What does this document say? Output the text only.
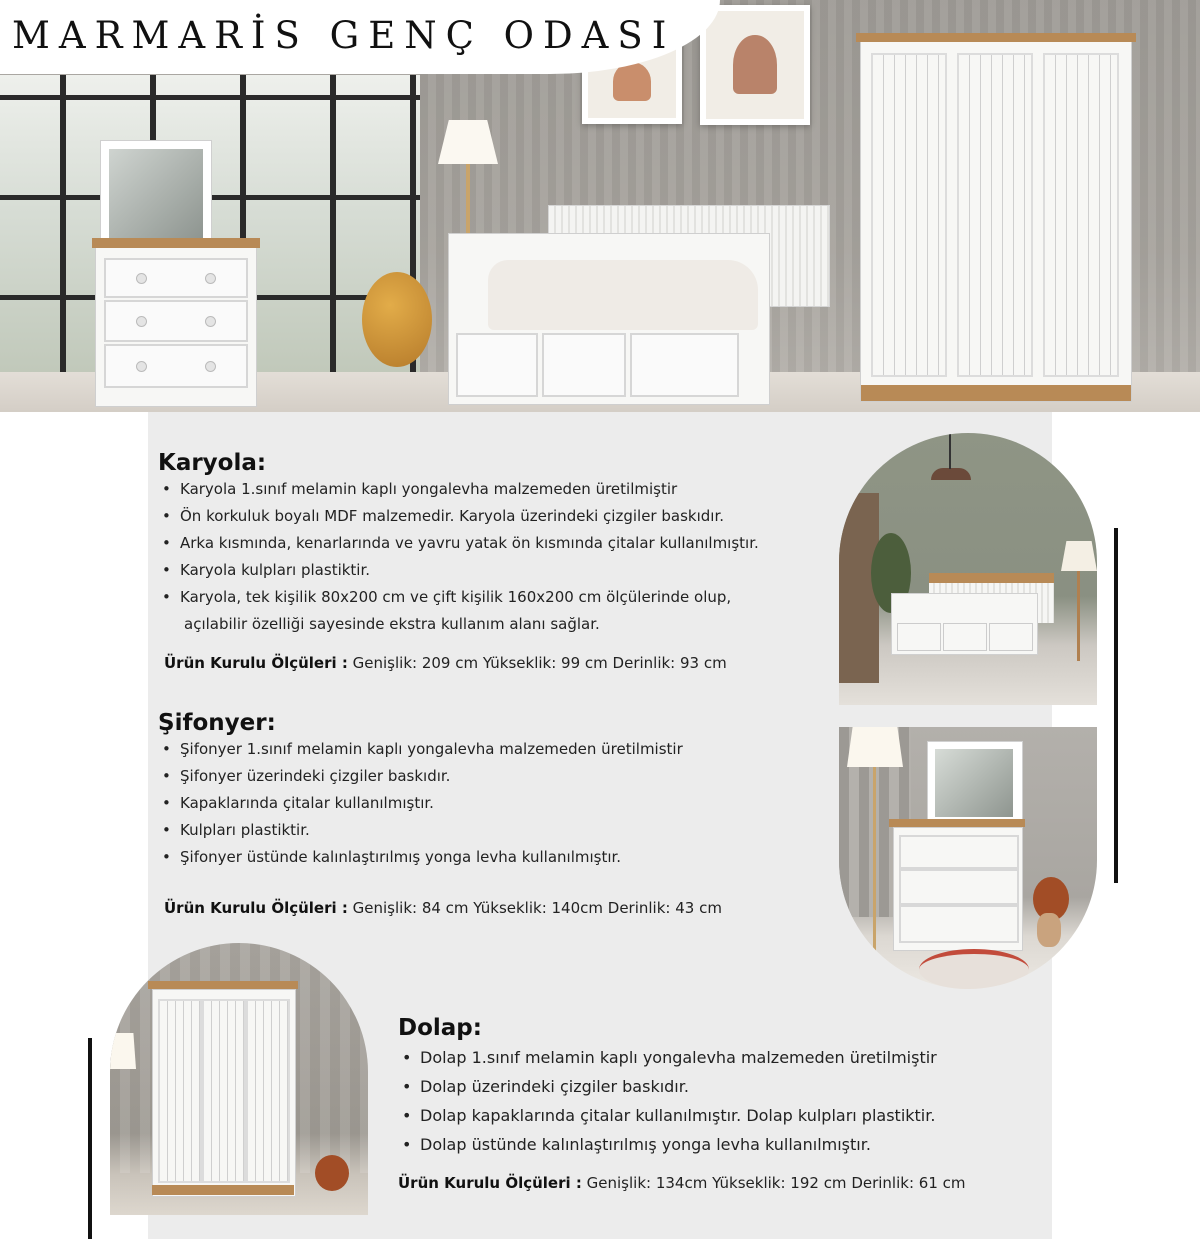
MARMARİS GENÇ ODASI
Karyola:
• Karyola 1.sınıf melamin kaplı yongalevha malzemeden üretilmiştir
• Ön korkuluk boyalı MDF malzemedir. Karyola üzerindeki çizgiler baskıdır.
• Arka kısmında, kenarlarında ve yavru yatak ön kısmında çitalar kullanılmıştır.
• Karyola kulpları plastiktir.
• Karyola, tek kişilik 80x200 cm ve çift kişilik 160x200 cm ölçülerinde olup,
açılabilir özelliği sayesinde ekstra kullanım alanı sağlar.
Ürün Kurulu Ölçüleri : Genişlik: 209 cm Yükseklik: 99 cm Derinlik: 93 cm
Şifonyer:
• Şifonyer 1.sınıf melamin kaplı yongalevha malzemeden üretilmistir
• Şifonyer üzerindeki çizgiler baskıdır.
• Kapaklarında çitalar kullanılmıştır.
• Kulpları plastiktir.
• Şifonyer üstünde kalınlaştırılmış yonga levha kullanılmıştır.
Ürün Kurulu Ölçüleri : Genişlik: 84 cm Yükseklik: 140cm Derinlik: 43 cm
Dolap:
• Dolap 1.sınıf melamin kaplı yongalevha malzemeden üretilmiştir
• Dolap üzerindeki çizgiler baskıdır.
• Dolap kapaklarında çitalar kullanılmıştır. Dolap kulpları plastiktir.
• Dolap üstünde kalınlaştırılmış yonga levha kullanılmıştır.
Ürün Kurulu Ölçüleri : Genişlik: 134cm Yükseklik: 192 cm Derinlik: 61 cm
